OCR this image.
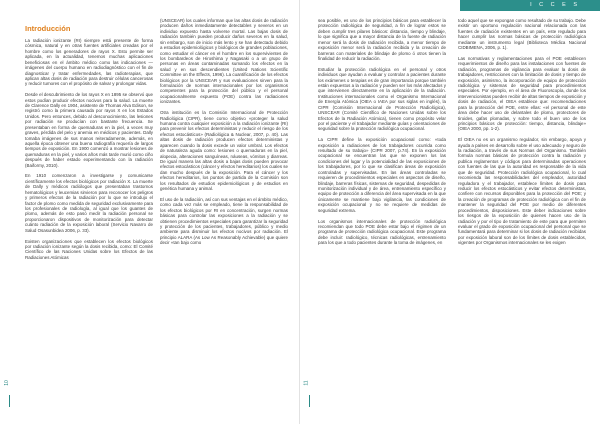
10
Introducción

La radiación ionizante (RI) siempre está presente de forma cósmica, natural y en otras fuentes artificiales creadas por el hombre como los generadores de rayos X. Esto permite ser aplicada, en la actualidad, tenemos muchas aplicaciones beneficiosas en el ámbito médico como las indicaciones —imágenes del cuerpo humano en radiodiagnóstico con el fin de diagnosticar y tratar enfermedades, las radioterapias, que aplican altas dosis de radiación para destruir células cancerosas y reducir tumores con el propósito de salvar y prolongar vidas.

Desde el descubrimiento de los rayos X en 1895 se observó que estos podían producir efectos nocivos para la salud. La muerte de Clarence Dally en 1904, asistente de Thomas Alva Edison, se registró como la primera causada por rayos X en los Estados Unidos. Pero entonces, debido al desconocimiento, las lesiones por radiación se producían con bastante frecuencia. Se presentaban en forma de quemaduras en la piel, a veces muy graves, pérdida del pelo y anemia en médicos y pacientes. Dally tomaba imágenes de sus manos reiteradamente, además, en aquella época obtener una buena radiografía requería de largos tiempos de exposición. En 1900 comenzó a mostrar lesiones de quemaduras en la piel, y varios años más tarde murió como ciño después de haber estado experimentando con la radiación (Baiformy, 2010).

En 1910 comenzaron a investigarse y comunicarse científicamente los efectos biológicos por radiación X. La muerte de Dally y médicos radiólogos que presentaban trastornos hematológicos y leucemias sirvieron para reconocer los peligros y primeros efectos de la radiación por lo que se introdujo el factor de plomo como medida de seguridad exclusivamente para los profesionales de radiología, al igual que los guantes de plomo, además de esto pasó medir la radiación personal se proporcionaron dispositivos de monitorización para detectar cuánto radiación de la exposición laboral (Servicio Navarro de Salud Osasunbidea 2006, p. 33).

Existen organizaciones que establecen los efectos biológicos por radiación ionizante según la dosis recibida, como: El Comité Científico de las Naciones Unidas sobre los Efectos de las Radiaciones Atómicas

(UNSCEAR) los cuales informan que las altas dosis de radiación producen daños inmediatamente detectables y severos en un individuo expuesto hasta volverse mortal. Las bajas dosis de radiación también pueden producir daños severos en la salud, sin embargo, son de inicio más lento y se han detectado debido a estudios epidemiológicos y biológicos de grandes poblaciones, como estudiar el cáncer en el hombre en los supervivientes de los bombardeos de Hiroshima y Nagasaki o a un grupo de personas en áreas contaminadas sumando los efectos en la salud y en sus descendientes (United Nations Scientific Committee on the Effects, 1996). La cuantificación de los efectos biológicos por la UNSCEAR y sus evaluaciones sirven para la formulación de normas internacionales por los organismos competentes para la protección del público y el personal ocupacionalmente expuesto (POE) contra las radiaciones ionizantes.

Otra institución es la Comisión Internacional de Protección Radiológica (CIPR), tiene como objetivo «proteger la salud humana contra cualquier exposición a la radiación ionizante (RI) para prevenir los efectos deterministas y reducir el riesgo de los efectos estocásticos» (Radiológica & Nuclear, 2007, p. 40). Las altas dosis de radiación producen efectos deterministas y aparecen cuando la dosis excede un valor umbral. Los efectos de naturaleza aguda como: lesiones o quemaduras en la piel, alopecia, alteraciones sanguíneas, náuseas, vómitos y diarreas. De igual manera las altas dosis a bajas dosis pueden provocar efectos estocásticos (cáncer y efectos hereditarios) los cuales se dan mucho después de la exposición. Para el cáncer y los efectos hereditarios, los puntos de partida de la Comisión son los resultados de estudios epidemiológicos y de estudios en genética humana y animal.

El uso de la radiación, así con sus ventajas en el ámbito médico, como cada vez más se empleado, tiene la responsabilidad de los efectos biológicos por RI en concentración, surgen normas básicas para controlar las exposiciones a la radiación y se obtienen procedimientos especiales para garantizar la seguridad y protección de los pacientes, trabajadores, público y medio ambiente para disminuir los efectos nocivos por radiación. El principio ALARA (As Low As Reasonably Achievable) que quiere decir «tan bajo como

I C C E S
11

sea posible, es uno de los principios básicos para establecer la protección radiológica de seguridad, a fin de lograr estos se deben cumplir tres pilares básicos: distancia, tiempo y blindaje, lo que significa que a mayor distancia de la fuente de radiación menor será la dosis de radiación recibida, a menor tiempo de exposición menor será la radiación recibida y la creación de barreras con materiales de blindaje de plomo ó otros tienen la finalidad de reducir la radiación.

Estudiar la protección radiológica en el personal y otros individuos que ayudan a evaluar y controlar a pacientes durante los exámenes o terapias es de gran importancia porque también están expuestos a la radiación y pueden ser los más afectados y que intervienen directamente en la aplicación de la radiación. Instituciones internacionales como el Organismo Internacional de Energía Atómica (OIEA o IAEA por sus siglas en inglés), la CIPR (Comisión Internacional de Protección Radiológica), UNSCEAR (Comité Científico de Naciones Unidas sobre los Efectos de la Radiación Atómica), tienen como propósito velar por el paciente y el trabajador mediante guías y orientaciones de seguridad sobre la protección radiológica ocupacional.

La CIPR define la exposición ocupacional como: «toda exposición a radiaciones de los trabajadores ocurrida como resultado de su trabajo» (CIPR 2007, p.74). En la exposición ocupacional se encuentran las que se exponen los las condiciones del lugar y la potencialidad de las exposiciones de los trabajadores, por lo que se clasifican áreas de exposición controladas y supervisadas. En las áreas controladas se requieren de procedimientos especiales en aspectos de diseño, blindaje, barreras físicas, sistemas de seguridad, despedidas de monitorización individual y de área, entrenamiento específico y equipo de protección a diferencia del área supervisada en la que únicamente se mantiene bajo vigilancia, las condiciones de exposición ocupacional y no se requiere de medidas de seguridad extrema.

Los organismos internacionales de protección radiológica recomiendan que todo POE debe estar bajo el régimen de un programa de protección radiológica ocupacional. Este programa debe incluir: radiológico, técnicas radiológicas, entrenamiento para los que a todo pacientes durante la toma de imágenes, en

todo aquel que se expongan como resultado de su trabajo. Debe existir un oportuno regulación nacional relacionada con las fuentes de radiación existentes en un país, este regulado para hacer cumplir las normas básicas de protección radiológica mediante un instrumento legal (Biblioteca Médica Nacional CIDBIMENA, 2006, p. 1).

Las normativas y reglamentaciones para el POE establecen requerimientos de diseño para las instalaciones con fuentes de radiación, programas de vigilancia para evaluar la dosis de trabajadores, restricciones con la limitación de dosis y tiempo de exposición, asimismo, la incorporación de equipo de protección radiológica y sistemas de seguridad para procedimientos especiales. Por ejemplo, en el área de Fluoroscopía, donde los intervencionistas pueden recibir de altas tiempos de exposición y dosis de radiación, el OIEA establece que: recomendaciones para la protección del POE, entre ellas: «el personal de este área debe hacer uso de delantales de plomo, protectores de tiroides, gafas plomadas, y sobre todo el buen uso de los principios básicos de protección: tiempo, distancia, blindaje» (OIEA 2000, pp. 1-2).

El OIEA no es un organismo regulador, sin embargo, apoya y ayuda a países en desarrollo sobre el uso adecuado y seguro de la radiación, a través de sus Normas del Organismo. También formula normas básicas de protección contra la radiación y publica reglamentos y códigos para determinadas operaciones con fuentes de las que la autoridad es responsable de la vida que de seguridad. Protección radiológica ocupacional, lo cual recomienda las responsabilidades del empleador, autoridad reguladora y el trabajador, establece límites de dosis para reducir los efectos estocásticos y evitar efectos deterministas, confiere con recursos disponibles para la protección del POE; y la creación de programas de protección radiológica con el fin de mantener la seguridad del POE por medio de diferentes procedimientos, disposiciones. Este deber indicaciones sobre los riesgos de la exposición de quienes hacen uso de la radiación y por el tipo de tratamiento de este para que permiten evaluar el grado de exposición ocupacional del personal que se fundamentará para determinar si los dosis de radiación recibidas por exposición laboral son de los límites de dosis establecidos, vigentes por Organismos internacionales se les exigen
